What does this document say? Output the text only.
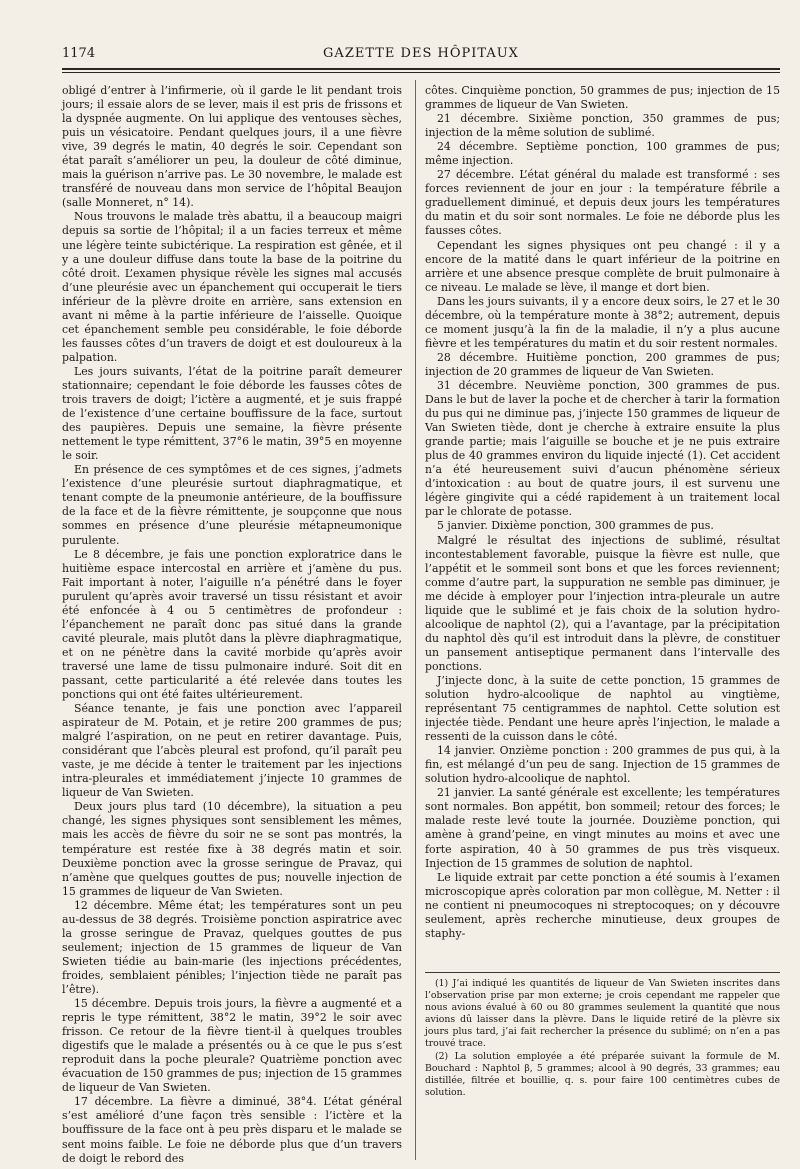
1174	GAZETTE DES HÔPITAUX

obligé d’entrer à l’infirmerie, où il garde le lit pendant trois jours; il essaie alors de se lever, mais il est pris de frissons et la dyspnée augmente. On lui applique des ventouses sèches, puis un vésicatoire. Pendant quelques jours, il a une fièvre vive, 39 degrés le matin, 40 degrés le soir. Cependant son état paraît s’améliorer un peu, la douleur de côté diminue, mais la guérison n’arrive pas. Le 30 novembre, le malade est transféré de nouveau dans mon service de l’hôpital Beaujon (salle Monneret, n° 14).

Nous trouvons le malade très abattu, il a beaucoup maigri depuis sa sortie de l’hôpital; il a un facies terreux et même une légère teinte subictérique. La respiration est gênée, et il y a une douleur diffuse dans toute la base de la poitrine du côté droit. L’examen physique révèle les signes mal accusés d’une pleurésie avec un épanchement qui occuperait le tiers inférieur de la plèvre droite en arrière, sans extension en avant ni même à la partie inférieure de l’aisselle. Quoique cet épanchement semble peu considérable, le foie déborde les fausses côtes d’un travers de doigt et est douloureux à la palpation.

Les jours suivants, l’état de la poitrine paraît demeurer stationnaire; cependant le foie déborde les fausses côtes de trois travers de doigt; l’ictère a augmenté, et je suis frappé de l’existence d’une certaine bouffissure de la face, surtout des paupières. Depuis une semaine, la fièvre présente nettement le type rémittent, 37°6 le matin, 39°5 en moyenne le soir.

En présence de ces symptômes et de ces signes, j’admets l’existence d’une pleurésie surtout diaphragmatique, et tenant compte de la pneumonie antérieure, de la bouffissure de la face et de la fièvre rémittente, je soupçonne que nous sommes en présence d’une pleurésie métapneumonique purulente.

Le 8 décembre, je fais une ponction exploratrice dans le huitième espace intercostal en arrière et j’amène du pus. Fait important à noter, l’aiguille n’a pénétré dans le foyer purulent qu’après avoir traversé un tissu résistant et avoir été enfoncée à 4 ou 5 centimètres de profondeur : l’épanchement ne paraît donc pas situé dans la grande cavité pleurale, mais plutôt dans la plèvre diaphragmatique, et on ne pénètre dans la cavité morbide qu’après avoir traversé une lame de tissu pulmonaire induré. Soit dit en passant, cette particularité a été relevée dans toutes les ponctions qui ont été faites ultérieurement.

Séance tenante, je fais une ponction avec l’appareil aspirateur de M. Potain, et je retire 200 grammes de pus; malgré l’aspiration, on ne peut en retirer davantage. Puis, considérant que l’abcès pleural est profond, qu’il paraît peu vaste, je me décide à tenter le traitement par les injections intra-pleurales et immédiatement j’injecte 10 grammes de liqueur de Van Swieten.

Deux jours plus tard (10 décembre), la situation a peu changé, les signes physiques sont sensiblement les mêmes, mais les accès de fièvre du soir ne se sont pas montrés, la température est restée fixe à 38 degrés matin et soir. Deuxième ponction avec la grosse seringue de Pravaz, qui n’amène que quelques gouttes de pus; nouvelle injection de 15 grammes de liqueur de Van Swieten.

12 décembre. Même état; les températures sont un peu au-dessus de 38 degrés. Troisième ponction aspiratrice avec la grosse seringue de Pravaz, quelques gouttes de pus seulement; injection de 15 grammes de liqueur de Van Swieten tiédie au bain-marie (les injections précédentes, froides, semblaient pénibles; l’injection tiède ne paraît pas l’être).

15 décembre. Depuis trois jours, la fièvre a augmenté et a repris le type rémittent, 38°2 le matin, 39°2 le soir avec frisson. Ce retour de la fièvre tient-il à quelques troubles digestifs que le malade a présentés ou à ce que le pus s’est reproduit dans la poche pleurale? Quatrième ponction avec évacuation de 150 grammes de pus; injection de 15 grammes de liqueur de Van Swieten.

17 décembre. La fièvre a diminué, 38°4. L’état général s’est amélioré d’une façon très sensible : l’ictère et la bouffissure de la face ont à peu près disparu et le malade se sent moins faible. Le foie ne déborde plus que d’un travers de doigt le rebord des

côtes. Cinquième ponction, 50 grammes de pus; injection de 15 grammes de liqueur de Van Swieten.

21 décembre. Sixième ponction, 350 grammes de pus; injection de la même solution de sublimé.

24 décembre. Septième ponction, 100 grammes de pus; même injection.

27 décembre. L’état général du malade est transformé : ses forces reviennent de jour en jour : la température fébrile a graduellement diminué, et depuis deux jours les températures du matin et du soir sont normales. Le foie ne déborde plus les fausses côtes.

Cependant les signes physiques ont peu changé : il y a encore de la matité dans le quart inférieur de la poitrine en arrière et une absence presque complète de bruit pulmonaire à ce niveau. Le malade se lève, il mange et dort bien.

Dans les jours suivants, il y a encore deux soirs, le 27 et le 30 décembre, où la température monte à 38°2; autrement, depuis ce moment jusqu’à la fin de la maladie, il n’y a plus aucune fièvre et les températures du matin et du soir restent normales.

28 décembre. Huitième ponction, 200 grammes de pus; injection de 20 grammes de liqueur de Van Swieten.

31 décembre. Neuvième ponction, 300 grammes de pus. Dans le but de laver la poche et de chercher à tarir la formation du pus qui ne diminue pas, j’injecte 150 grammes de liqueur de Van Swieten tiède, dont je cherche à extraire ensuite la plus grande partie; mais l’aiguille se bouche et je ne puis extraire plus de 40 grammes environ du liquide injecté (1). Cet accident n’a été heureusement suivi d’aucun phénomène sérieux d’intoxication : au bout de quatre jours, il est survenu une légère gingivite qui a cédé rapidement à un traitement local par le chlorate de potasse.

5 janvier. Dixième ponction, 300 grammes de pus.

Malgré le résultat des injections de sublimé, résultat incontestablement favorable, puisque la fièvre est nulle, que l’appétit et le sommeil sont bons et que les forces reviennent; comme d’autre part, la suppuration ne semble pas diminuer, je me décide à employer pour l’injection intra-pleurale un autre liquide que le sublimé et je fais choix de la solution hydro-alcoolique de naphtol (2), qui a l’avantage, par la précipitation du naphtol dès qu’il est introduit dans la plèvre, de constituer un pansement antiseptique permanent dans l’intervalle des ponctions.

J’injecte donc, à la suite de cette ponction, 15 grammes de solution hydro-alcoolique de naphtol au vingtième, représentant 75 centigrammes de naphtol. Cette solution est injectée tiède. Pendant une heure après l’injection, le malade a ressenti de la cuisson dans le côté.

14 janvier. Onzième ponction : 200 grammes de pus qui, à la fin, est mélangé d’un peu de sang. Injection de 15 grammes de solution hydro-alcoolique de naphtol.

21 janvier. La santé générale est excellente; les températures sont normales. Bon appétit, bon sommeil; retour des forces; le malade reste levé toute la journée. Douzième ponction, qui amène à grand’peine, en vingt minutes au moins et avec une forte aspiration, 40 à 50 grammes de pus très visqueux. Injection de 15 grammes de solution de naphtol.

Le liquide extrait par cette ponction a été soumis à l’examen microscopique après coloration par mon collègue, M. Netter : il ne contient ni pneumocoques ni streptocoques; on y découvre seulement, après recherche minutieuse, deux groupes de staphy-

(1) J’ai indiqué les quantités de liqueur de Van Swieten inscrites dans l’observation prise par mon externe; je crois cependant me rappeler que nous avions évalué à 60 ou 80 grammes seulement la quantité que nous avions dû laisser dans la plèvre. Dans le liquide retiré de la plèvre six jours plus tard, j’ai fait rechercher la présence du sublimé; on n’en a pas trouvé trace.

(2) La solution employée a été préparée suivant la formule de M. Bouchard : Naphtol β, 5 grammes; alcool à 90 degrés, 33 grammes; eau distillée, filtrée et bouillie, q. s. pour faire 100 centimètres cubes de solution.
